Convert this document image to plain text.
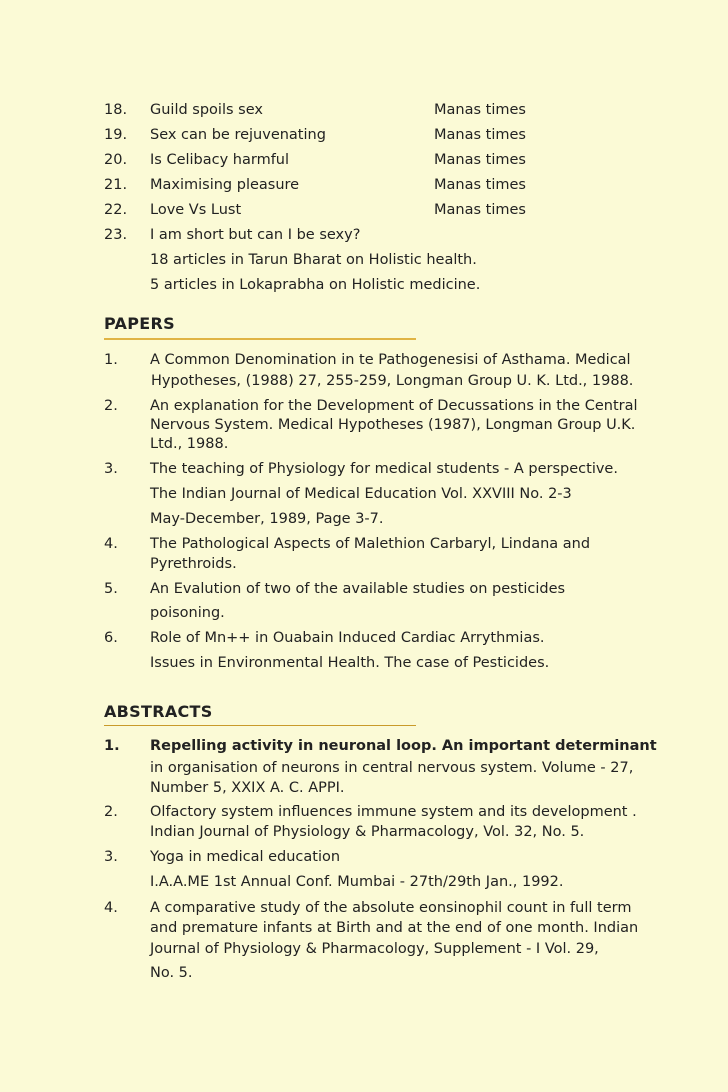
18. Guild spoils sex	Manas times
19. Sex can be rejuvenating	Manas times
20. Is Celibacy harmful	Manas times
21. Maximising pleasure	Manas times
22. Love Vs Lust	Manas times
23. I am short but can I be sexy?
18 articles in Tarun Bharat on Holistic health.
5 articles in Lokaprabha on Holistic medicine.
PAPERS
1. A Common Denomination in te Pathogenesisi of Asthama. Medical
Hypotheses, (1988) 27, 255-259, Longman Group U. K. Ltd., 1988.
2. An explanation for the Development of Decussations in the Central
Nervous System. Medical Hypotheses (1987), Longman Group U.K.
Ltd., 1988.
3. The teaching of Physiology for medical students - A perspective.
The Indian Journal of Medical Education Vol. XXVIII No. 2-3
May-December, 1989, Page 3-7.
4. The Pathological Aspects of Malethion Carbaryl, Lindana and
Pyrethroids.
5. An Evalution of two of the available studies on pesticides
poisoning.
6. Role of Mn++ in Ouabain Induced Cardiac Arrythmias.
Issues in Environmental Health. The case of Pesticides.
ABSTRACTS
1. Repelling activity in neuronal loop. An important determinant
in organisation of neurons in central nervous system. Volume - 27,
Number 5, XXIX A. C. APPI.
2. Olfactory system influences immune system and its development .
Indian Journal of Physiology & Pharmacology, Vol. 32, No. 5.
3. Yoga in medical education
I.A.A.ME 1st Annual Conf. Mumbai - 27th/29th Jan., 1992.
4. A comparative study of the absolute eonsinophil count in full term
and premature infants at Birth and at the end of one month. Indian
Journal of Physiology & Pharmacology, Supplement - I Vol. 29,
No. 5.
